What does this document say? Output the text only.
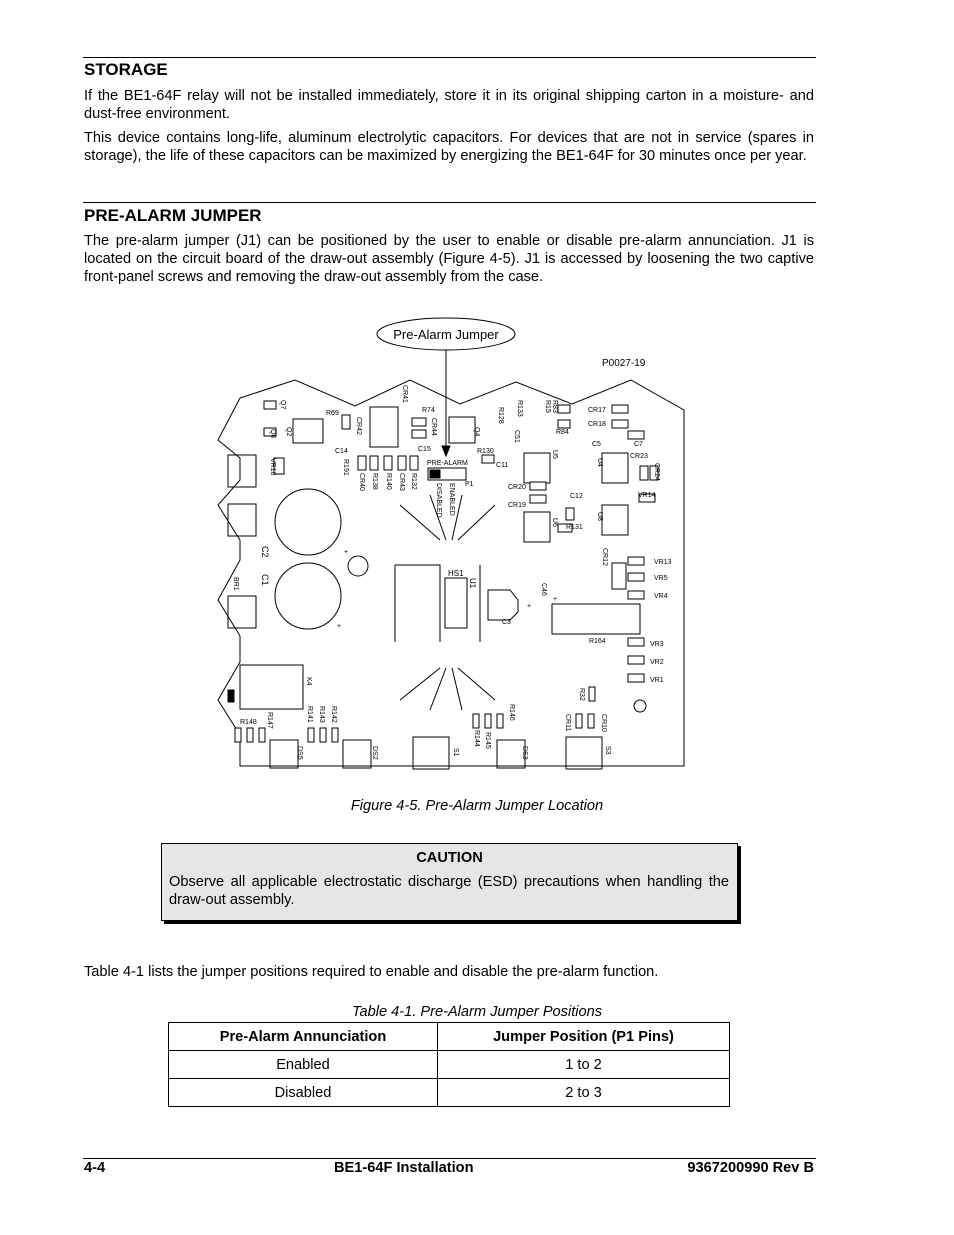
STORAGE

If the BE1-64F relay will not be installed immediately, store it in its original shipping carton in a moisture- and dust-free environment.

This device contains long-life, aluminum electrolytic capacitors. For devices that are not in service (spares in storage), the life of these capacitors can be maximized by energizing the BE1-64F for 30 minutes once per year.

PRE-ALARM JUMPER

The pre-alarm jumper (J1) can be positioned by the user to enable or disable pre-alarm annunciation. J1 is located on the circuit board of the draw-out assembly (Figure 4-5). J1 is accessed by loosening the two captive front-panel screws and removing the draw-out assembly from the case.

Pre-Alarm Jumper
P0027-19
PRE-ALARM
P1
ENABLED
DISABLED
HS1
U1
C2
C1
K4
BR1
R164
C3
C46
+
+
+
+
Q7
Q6 Q2	Q4
R69	R74
C14	C15
R191
CR40 R138 R140 CR43 R132
CR41
CR42	CR44
R130
C11
R133
R128
C51
R15 R83
R84
U5
U4
U6
U8
CR17
CR18
C5	C7
CR23
CR24
CR20
CR19
C12
R131
VR14
CR12	VR13
VR5
VR4
VR3
VR2
VR1
R32
CR11	CR10
VR16
R148 R147	R141 R143 R142
R144 R145
R146
DS5	DS2	S1	DS3	S3
Figure 4-5. Pre-Alarm Jumper Location
CAUTION
Observe all applicable electrostatic discharge (ESD) precautions when handling the draw-out assembly.

Table 4-1 lists the jumper positions required to enable and disable the pre-alarm function.

Table 4-1. Pre-Alarm Jumper Positions
Pre-Alarm Annunciation	Jumper Position (P1 Pins)
Enabled	1 to 2
Disabled	2 to 3
4-4	BE1-64F Installation	9367200990 Rev B
